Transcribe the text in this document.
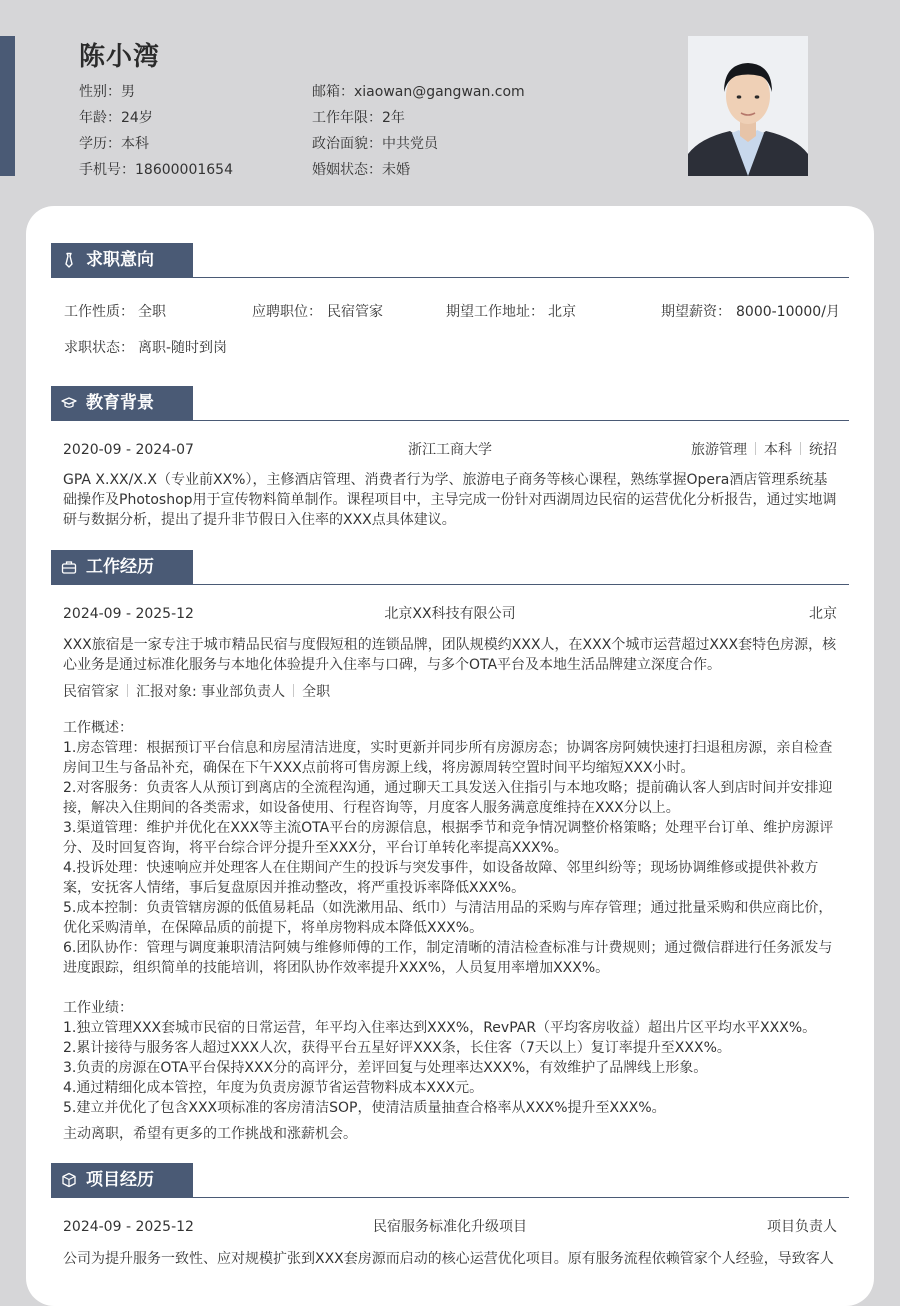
陈小湾
性别：男
年龄：24岁
学历：本科
手机号：18600001654
邮箱：xiaowan@gangwan.com
工作年限：2年
政治面貌：中共党员
婚姻状态：未婚
求职意向
工作性质： 全职	应聘职位： 民宿管家	期望工作地址： 北京	期望薪资： 8000-10000/月
求职状态： 离职-随时到岗
教育背景
2020-09 - 2024-07	浙江工商大学	旅游管理 本科 统招
GPA X.XX/X.X（专业前XX%），主修酒店管理、消费者行为学、旅游电子商务等核心课程，熟练掌握Opera酒店管理系统基
础操作及Photoshop用于宣传物料简单制作。课程项目中，主导完成一份针对西湖周边民宿的运营优化分析报告，通过实地调
研与数据分析，提出了提升非节假日入住率的XXX点具体建议。
工作经历
2024-09 - 2025-12	北京XX科技有限公司	北京
XXX旅宿是一家专注于城市精品民宿与度假短租的连锁品牌，团队规模约XXX人，在XXX个城市运营超过XXX套特色房源，核
心业务是通过标准化服务与本地化体验提升入住率与口碑，与多个OTA平台及本地生活品牌建立深度合作。
民宿管家 汇报对象: 事业部负责人 全职
工作概述：
1.房态管理：根据预订平台信息和房屋清洁进度，实时更新并同步所有房源房态；协调客房阿姨快速打扫退租房源，亲自检查
房间卫生与备品补充，确保在下午XXX点前将可售房源上线，将房源周转空置时间平均缩短XXX小时。
2.对客服务：负责客人从预订到离店的全流程沟通，通过聊天工具发送入住指引与本地攻略；提前确认客人到店时间并安排迎
接，解决入住期间的各类需求，如设备使用、行程咨询等，月度客人服务满意度维持在XXX分以上。
3.渠道管理：维护并优化在XXX等主流OTA平台的房源信息，根据季节和竞争情况调整价格策略；处理平台订单、维护房源评
分、及时回复咨询，将平台综合评分提升至XXX分，平台订单转化率提高XXX%。
4.投诉处理：快速响应并处理客人在住期间产生的投诉与突发事件，如设备故障、邻里纠纷等；现场协调维修或提供补救方
案，安抚客人情绪，事后复盘原因并推动整改，将严重投诉率降低XXX%。
5.成本控制：负责管辖房源的低值易耗品（如洗漱用品、纸巾）与清洁用品的采购与库存管理；通过批量采购和供应商比价，
优化采购清单，在保障品质的前提下，将单房物料成本降低XXX%。
6.团队协作：管理与调度兼职清洁阿姨与维修师傅的工作，制定清晰的清洁检查标准与计费规则；通过微信群进行任务派发与
进度跟踪，组织简单的技能培训，将团队协作效率提升XXX%，人员复用率增加XXX%。
工作业绩：
1.独立管理XXX套城市民宿的日常运营，年平均入住率达到XXX%，RevPAR（平均客房收益）超出片区平均水平XXX%。
2.累计接待与服务客人超过XXX人次，获得平台五星好评XXX条，长住客（7天以上）复订率提升至XXX%。
3.负责的房源在OTA平台保持XXX分的高评分，差评回复与处理率达XXX%，有效维护了品牌线上形象。
4.通过精细化成本管控，年度为负责房源节省运营物料成本XXX元。
5.建立并优化了包含XXX项标准的客房清洁SOP，使清洁质量抽查合格率从XXX%提升至XXX%。
主动离职，希望有更多的工作挑战和涨薪机会。
项目经历
2024-09 - 2025-12	民宿服务标准化升级项目	项目负责人
公司为提升服务一致性、应对规模扩张到XXX套房源而启动的核心运营优化项目。原有服务流程依赖管家个人经验，导致客人
